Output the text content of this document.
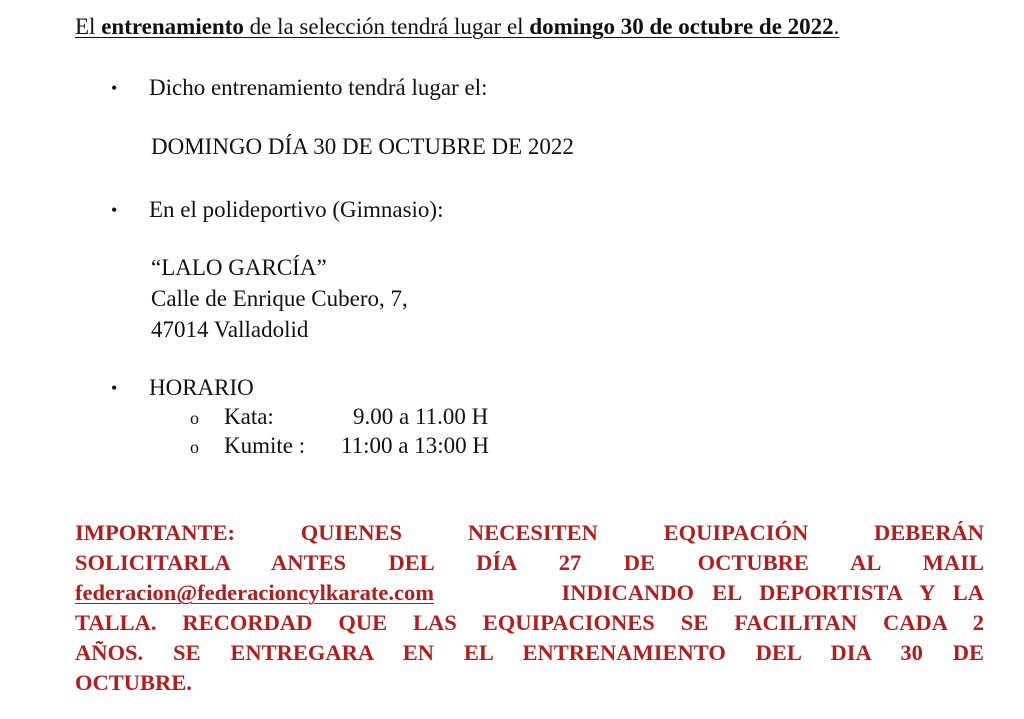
El entrenamiento de la selección tendrá lugar el domingo 30 de octubre de 2022.
• Dicho entrenamiento tendrá lugar el:
DOMINGO DÍA 30 DE OCTUBRE DE 2022
• En el polideportivo (Gimnasio):
“LALO GARCÍA”
Calle de Enrique Cubero, 7,
47014 Valladolid
• HORARIO
o Kata:	9.00 a 11.00 H
o Kumite : 11:00 a 13:00 H
IMPORTANTE: QUIENES NECESITEN EQUIPACIÓN DEBERÁN
SOLICITARLA ANTES DEL DÍA 27 DE OCTUBRE AL MAIL
federacion@federacioncylkarate.com	INDICANDO EL DEPORTISTA Y LA
TALLA. RECORDAD QUE LAS EQUIPACIONES SE FACILITAN CADA 2
AÑOS. SE ENTREGARA EN EL ENTRENAMIENTO DEL DIA 30 DE
OCTUBRE.
